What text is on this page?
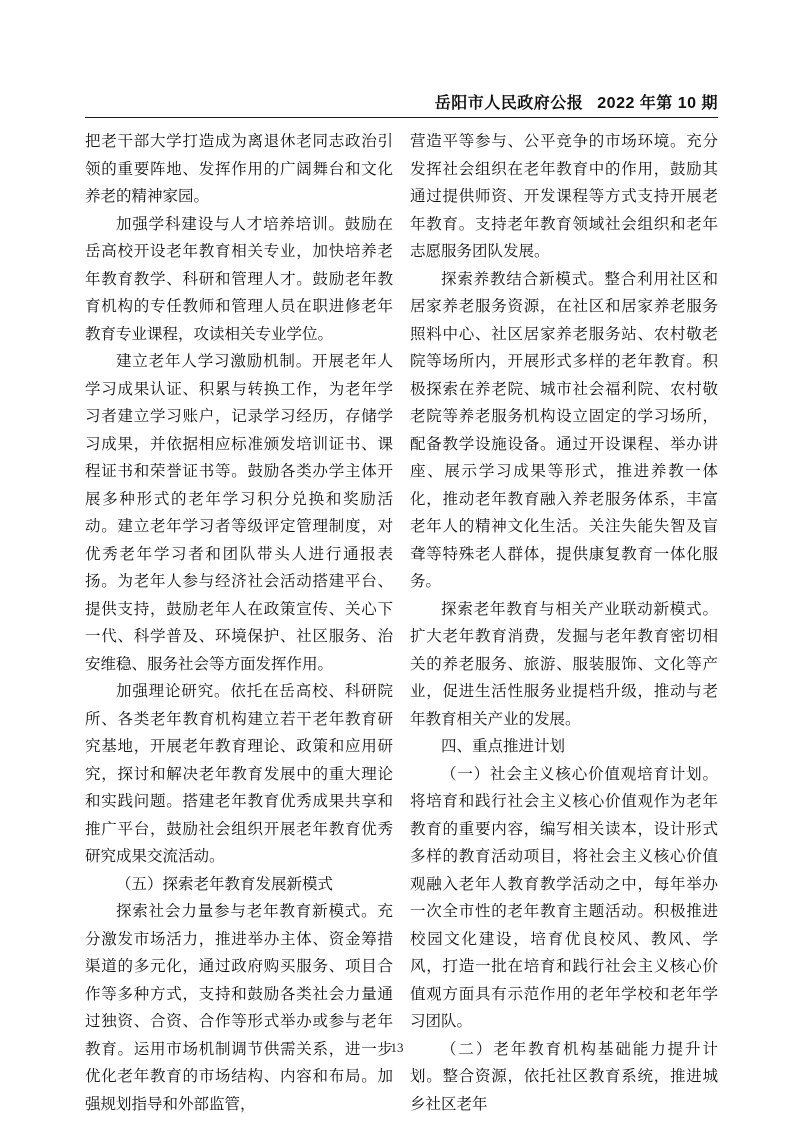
岳阳市人民政府公报 2022 年第 10 期

把老干部大学打造成为离退休老同志政治引领的重要阵地、发挥作用的广阔舞台和文化养老的精神家园。

加强学科建设与人才培养培训。鼓励在岳高校开设老年教育相关专业，加快培养老年教育教学、科研和管理人才。鼓励老年教育机构的专任教师和管理人员在职进修老年教育专业课程，攻读相关专业学位。

建立老年人学习激励机制。开展老年人学习成果认证、积累与转换工作，为老年学习者建立学习账户，记录学习经历，存储学习成果，并依据相应标准颁发培训证书、课程证书和荣誉证书等。鼓励各类办学主体开展多种形式的老年学习积分兑换和奖励活动。建立老年学习者等级评定管理制度，对优秀老年学习者和团队带头人进行通报表扬。为老年人参与经济社会活动搭建平台、提供支持，鼓励老年人在政策宣传、关心下一代、科学普及、环境保护、社区服务、治安维稳、服务社会等方面发挥作用。

加强理论研究。依托在岳高校、科研院所、各类老年教育机构建立若干老年教育研究基地，开展老年教育理论、政策和应用研究，探讨和解决老年教育发展中的重大理论和实践问题。搭建老年教育优秀成果共享和推广平台，鼓励社会组织开展老年教育优秀研究成果交流活动。

（五）探索老年教育发展新模式

探索社会力量参与老年教育新模式。充分激发市场活力，推进举办主体、资金筹措渠道的多元化，通过政府购买服务、项目合作等多种方式，支持和鼓励各类社会力量通过独资、合资、合作等形式举办或参与老年教育。运用市场机制调节供需关系，进一步优化老年教育的市场结构、内容和布局。加强规划指导和外部监管，

营造平等参与、公平竞争的市场环境。充分发挥社会组织在老年教育中的作用，鼓励其通过提供师资、开发课程等方式支持开展老年教育。支持老年教育领域社会组织和老年志愿服务团队发展。

探索养教结合新模式。整合利用社区和居家养老服务资源，在社区和居家养老服务照料中心、社区居家养老服务站、农村敬老院等场所内，开展形式多样的老年教育。积极探索在养老院、城市社会福利院、农村敬老院等养老服务机构设立固定的学习场所，配备教学设施设备。通过开设课程、举办讲座、展示学习成果等形式，推进养教一体化，推动老年教育融入养老服务体系，丰富老年人的精神文化生活。关注失能失智及盲聋等特殊老人群体，提供康复教育一体化服务。

探索老年教育与相关产业联动新模式。扩大老年教育消费，发掘与老年教育密切相关的养老服务、旅游、服装服饰、文化等产业，促进生活性服务业提档升级，推动与老年教育相关产业的发展。

四、重点推进计划

（一）社会主义核心价值观培育计划。将培育和践行社会主义核心价值观作为老年教育的重要内容，编写相关读本，设计形式多样的教育活动项目，将社会主义核心价值观融入老年人教育教学活动之中，每年举办一次全市性的老年教育主题活动。积极推进校园文化建设，培育优良校风、教风、学风，打造一批在培育和践行社会主义核心价值观方面具有示范作用的老年学校和老年学习团队。

（二）老年教育机构基础能力提升计划。整合资源，依托社区教育系统，推进城乡社区老年

13
